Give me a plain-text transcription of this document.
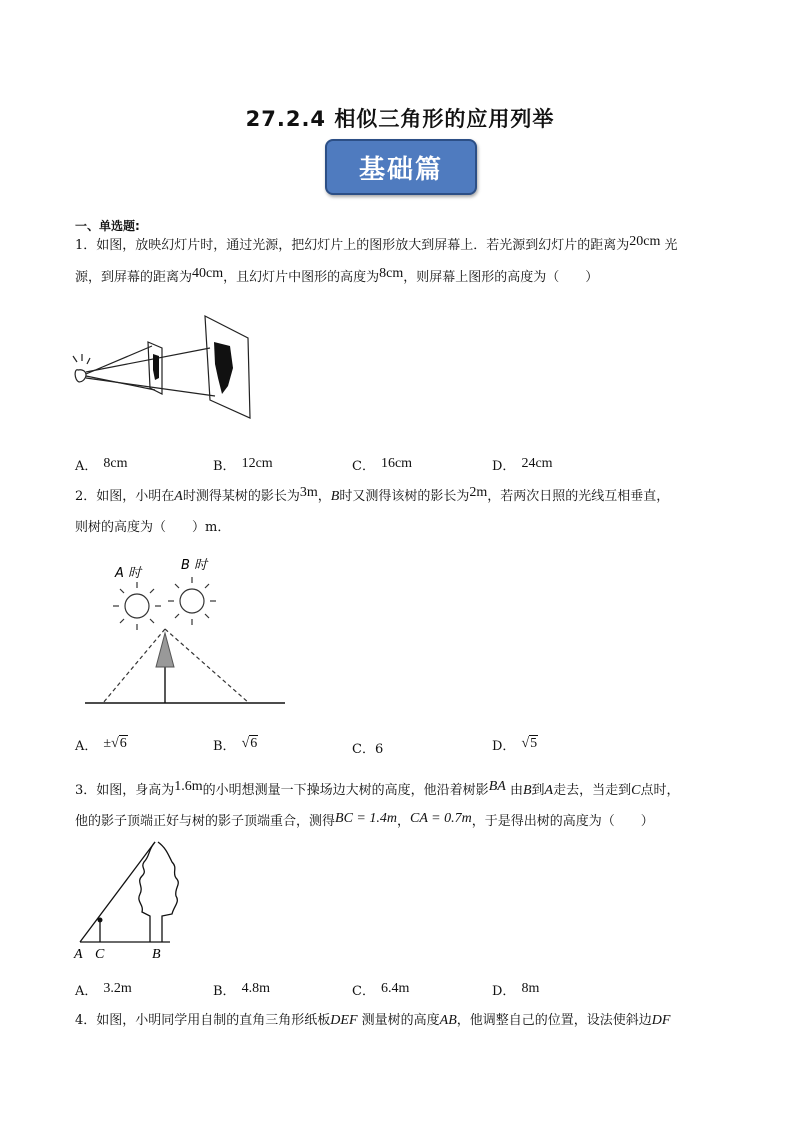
27.2.4 相似三角形的应用列举
基础篇
一、单选题:
1．如图，放映幻灯片时，通过光源，把幻灯片上的图形放大到屏幕上．若光源到幻灯片的距离为20cm 光
源，到屏幕的距离为40cm，且幻灯片中图形的高度为8cm，则屏幕上图形的高度为（　　）
A． 8cm	B． 12cm	C． 16cm	D． 24cm
2．如图，小明在A时测得某树的影长为3m，B时又测得该树的影长为2m，若两次日照的光线互相垂直，
则树的高度为（　　）m．
A 时
B 时
A． ±√6	B． √6	C．6	D． √5
3．如图，身高为1.6m的小明想测量一下操场边大树的高度，他沿着树影BA 由B到A走去，当走到C点时，
他的影子顶端正好与树的影子顶端重合，测得BC = 1.4m，CA = 0.7m，于是得出树的高度为（　　）
A C	B
A． 3.2m	B． 4.8m	C． 6.4m	D． 8m
4．如图，小明同学用自制的直角三角形纸板DEF 测量树的高度AB，他调整自己的位置，设法使斜边DF
